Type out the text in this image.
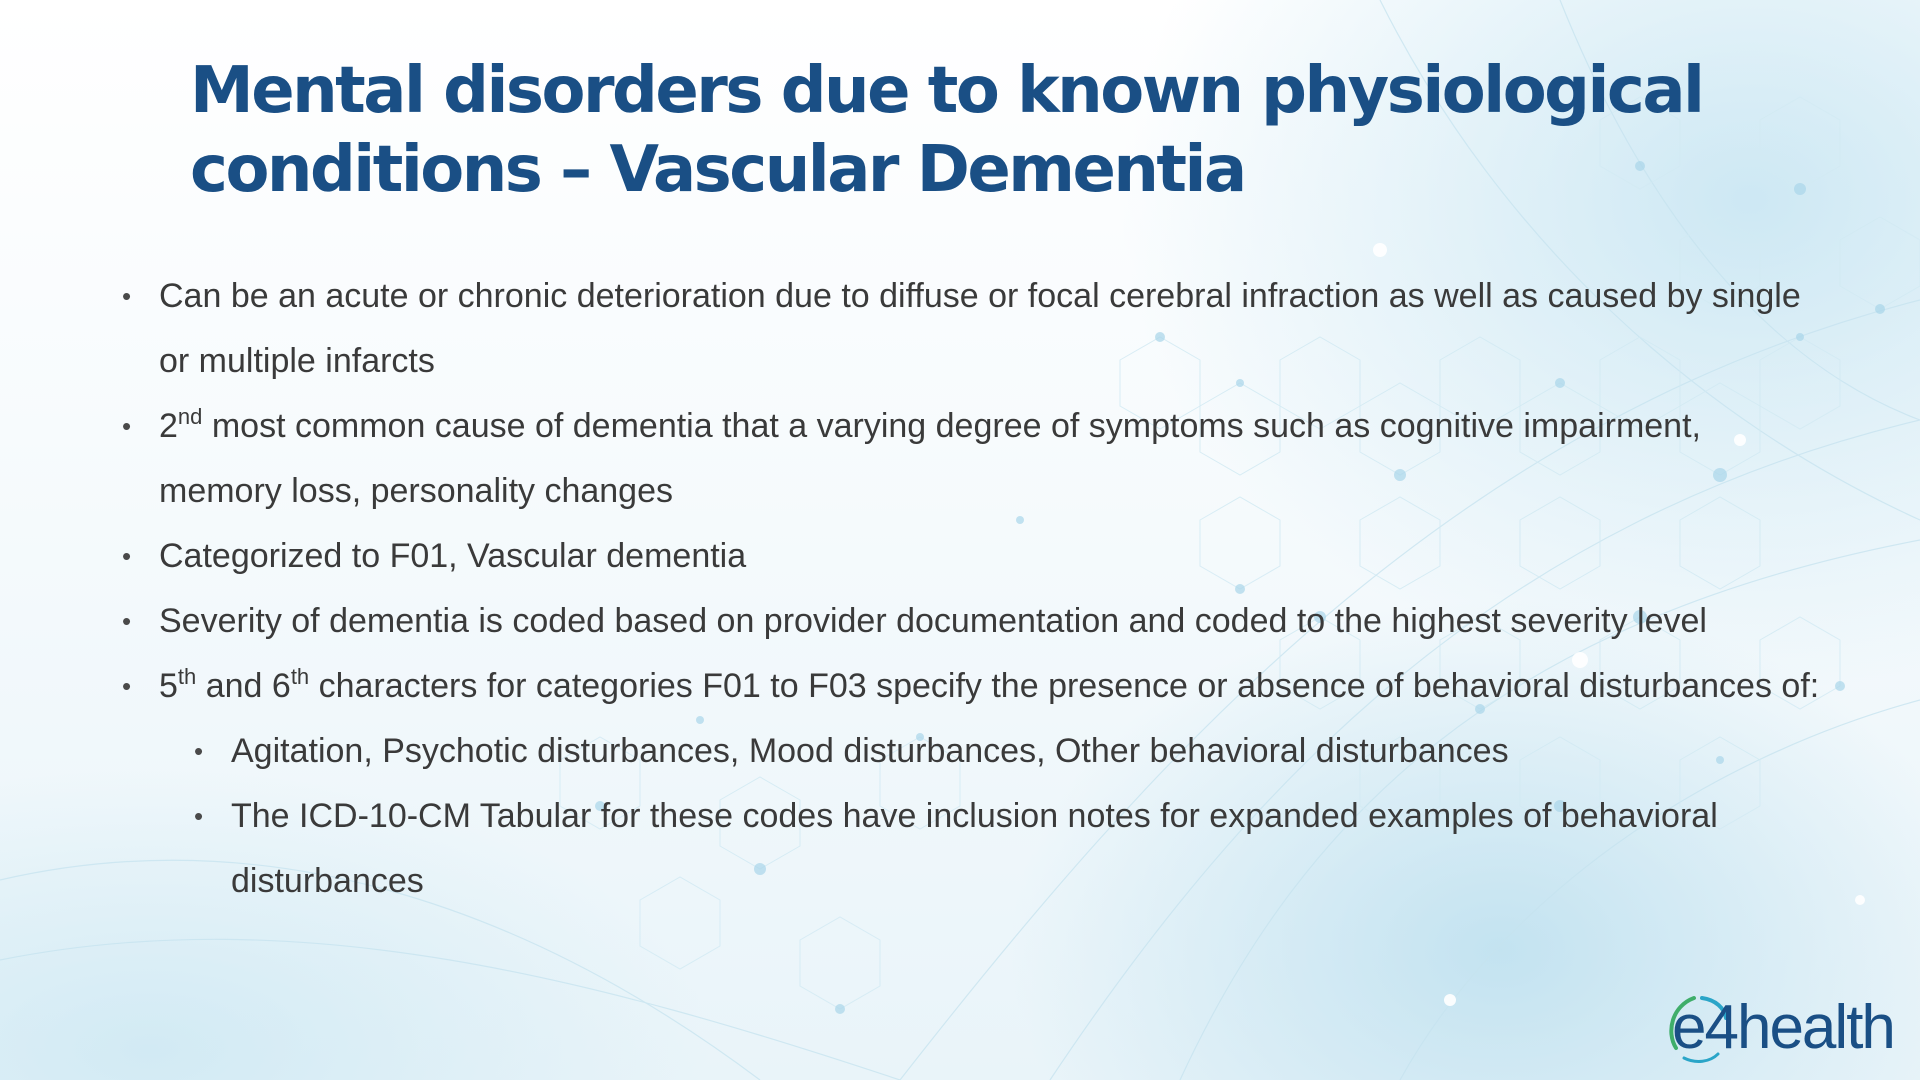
Mental disorders due to known physiological
conditions – Vascular Dementia
• Can be an acute or chronic deterioration due to diffuse or focal cerebral infraction as well as caused by single or multiple infarcts
• 2nd most common cause of dementia that a varying degree of symptoms such as cognitive impairment, memory loss, personality changes
• Categorized to F01, Vascular dementia
• Severity of dementia is coded based on provider documentation and coded to the highest severity level
• 5th and 6th characters for categories F01 to F03 specify the presence or absence of behavioral disturbances of:
• Agitation, Psychotic disturbances, Mood disturbances, Other behavioral disturbances
• The ICD-10-CM Tabular for these codes have inclusion notes for expanded examples of behavioral disturbances
e4health
